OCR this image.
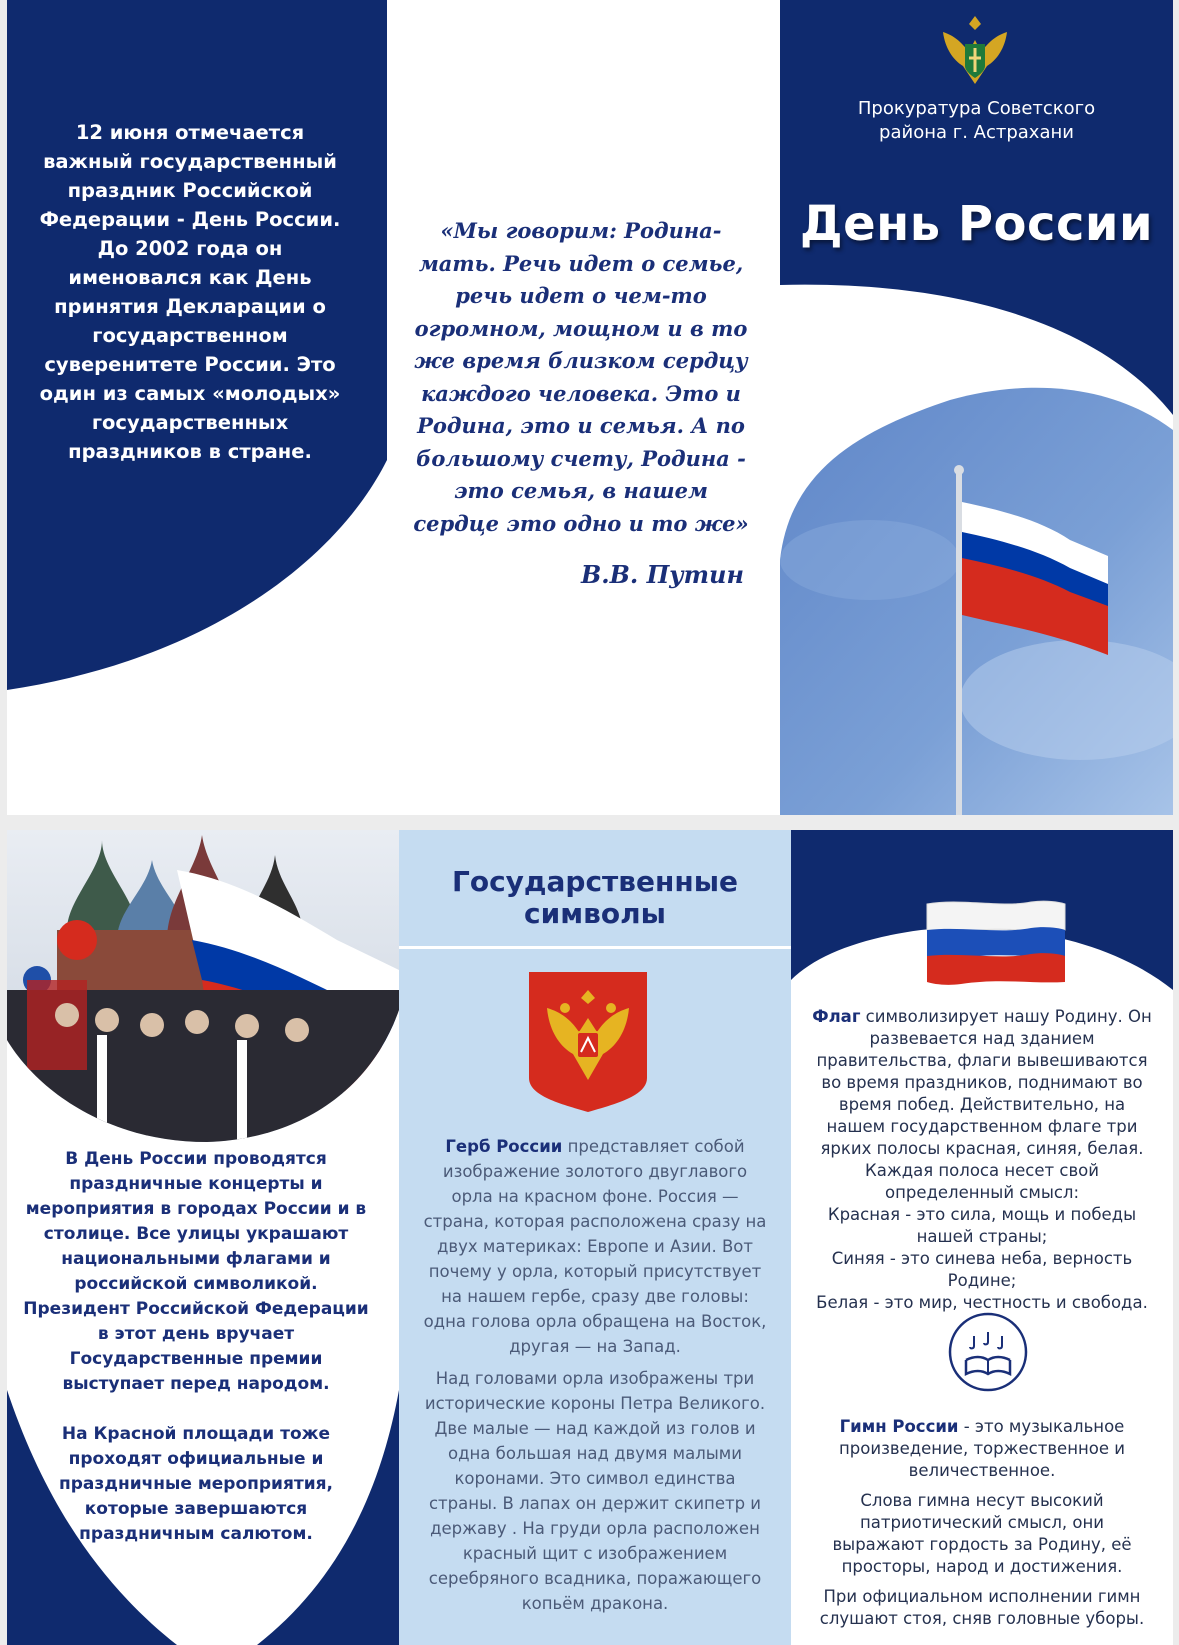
12 июня отмечается
важный государственный
праздник Российской
Федерации - День России.
До 2002 года он
именовался как День
принятия Декларации о
государственном
суверенитете России. Это
один из самых «молодых»
государственных
праздников в стране.
«Мы говорим: Родина-
мать. Речь идет о семье,
речь идет о чем-то
огромном, мощном и в то
же время близком сердцу
каждого человека. Это и
Родина, это и семья. А по
большому счету, Родина -
это семья, в нашем
сердце это одно и то же»
В.В. Путин
Прокуратура Советского
района г. Астрахани
День России
В День России проводятся
праздничные концерты и
мероприятия в городах России и в
столице. Все улицы украшают
национальными флагами и
российской символикой.
Президент Российской Федерации
в этот день вручает
Государственные премии
выступает перед народом.
На Красной площади тоже
проходят официальные и
праздничные мероприятия,
которые завершаются
праздничным салютом.
Государственные
символы
Герб России представляет собой
изображение золотого двуглавого
орла на красном фоне. Россия —
страна, которая расположена сразу на
двух материках: Европе и Азии. Вот
почему у орла, который присутствует
на нашем гербе, сразу две головы:
одна голова орла обращена на Восток,
другая — на Запад.
Над головами орла изображены три
исторические короны Петра Великого.
Две малые — над каждой из голов и
одна большая над двумя малыми
коронами. Это символ единства
страны. В лапах он держит скипетр и
державу . На груди орла расположен
красный щит с изображением
серебряного всадника, поражающего
копьём дракона.
Флаг символизирует нашу Родину. Он
развевается над зданием
правительства, флаги вывешиваются
во время праздников, поднимают во
время побед. Действительно, на
нашем государственном флаге три
ярких полосы красная, синяя, белая.
Каждая полоса несет свой
определенный смысл:
Красная - это сила, мощь и победы
нашей страны;
Синяя - это синева неба, верность
Родине;
Белая - это мир, честность и свобода.
Гимн России - это музыкальное
произведение, торжественное и
величественное.
Слова гимна несут высокий
патриотический смысл, они
выражают гордость за Родину, её
просторы, народ и достижения.
При официальном исполнении гимн
слушают стоя, сняв головные уборы.
